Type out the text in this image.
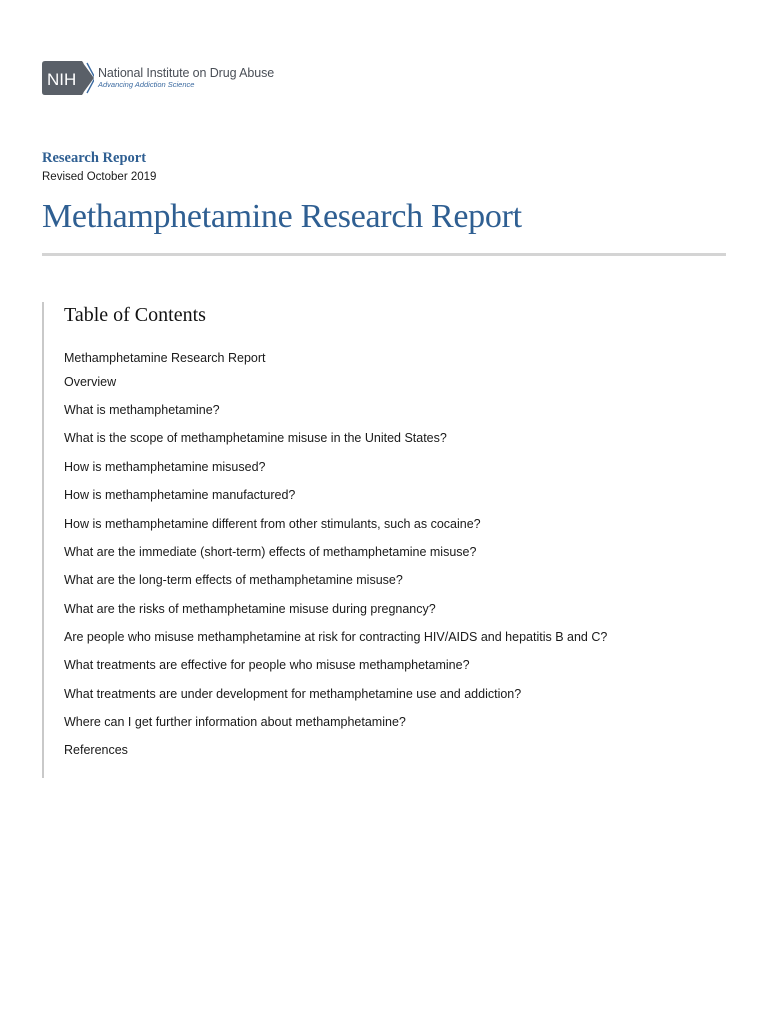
NIH National Institute on Drug Abuse
Advancing Addiction Science
Research Report
Revised October 2019
Methamphetamine Research Report
Table of Contents
Methamphetamine Research Report
Overview
What is methamphetamine?
What is the scope of methamphetamine misuse in the United States?
How is methamphetamine misused?
How is methamphetamine manufactured?
How is methamphetamine different from other stimulants, such as cocaine?
What are the immediate (short-term) effects of methamphetamine misuse?
What are the long-term effects of methamphetamine misuse?
What are the risks of methamphetamine misuse during pregnancy?
Are people who misuse methamphetamine at risk for contracting HIV/AIDS and hepatitis B and C?
What treatments are effective for people who misuse methamphetamine?
What treatments are under development for methamphetamine use and addiction?
Where can I get further information about methamphetamine?
References
